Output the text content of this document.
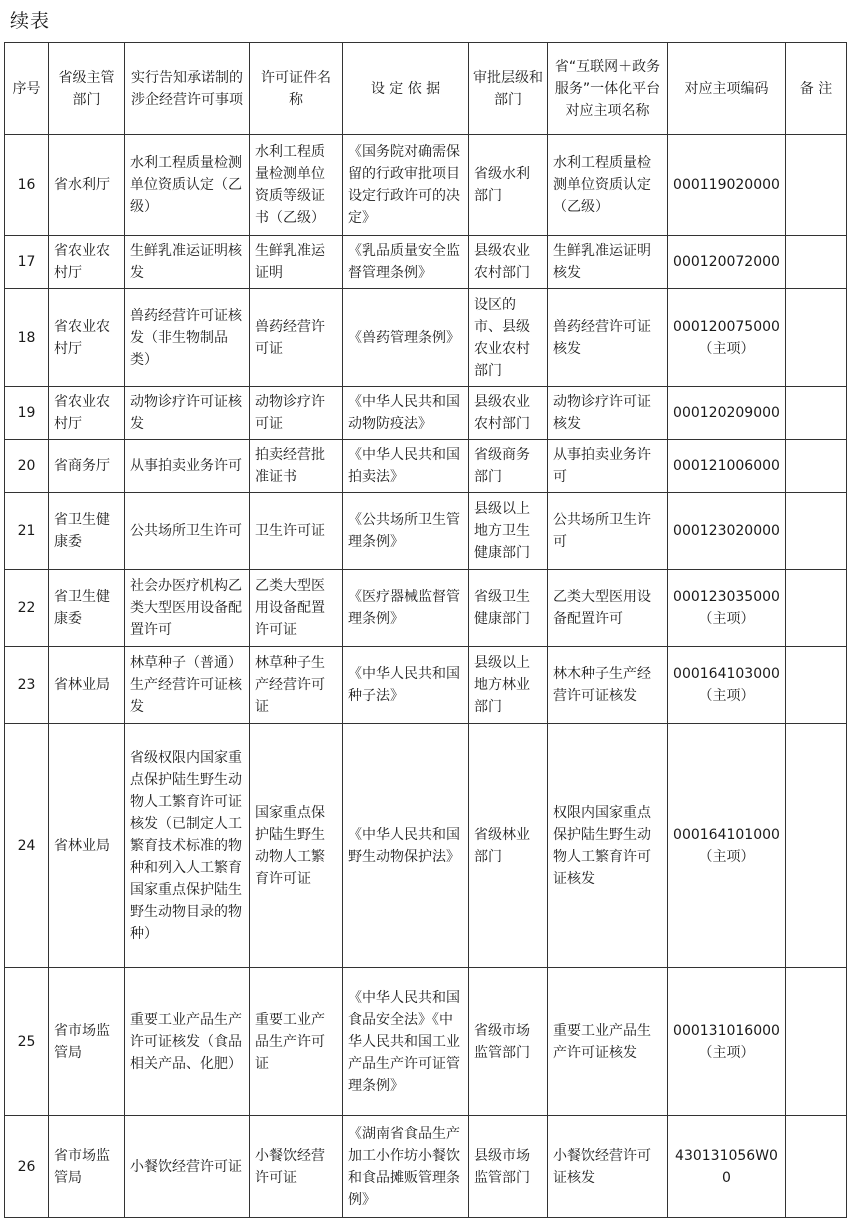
续表
序号	省级主管部门	实行告知承诺制的涉企经营许可事项	许可证件名　称	设 定 依 据	审批层级和部门	省“互联网＋政务服务”一体化平台对应主项名称	对应主项编码	备 注
16	省水利厅	水利工程质量检测单位资质认定（乙级）	水利工程质量检测单位资质等级证书（乙级）	《国务院对确需保留的行政审批项目设定行政许可的决定》	省级水利部门	水利工程质量检测单位资质认定（乙级）	000119020000	

17	省农业农村厅	生鲜乳准运证明核发	生鲜乳准运证明	《乳品质量安全监督管理条例》	县级农业农村部门	生鲜乳准运证明核发	000120072000	

18	省农业农村厅	兽药经营许可证核发（非生物制品类）	兽药经营许可证	《兽药管理条例》	设区的市、县级农业农村部门	兽药经营许可证核发	000120075000
（主项）	

19	省农业农村厅	动物诊疗许可证核发	动物诊疗许可证	《中华人民共和国动物防疫法》	县级农业农村部门	动物诊疗许可证核发	000120209000	

20	省商务厅	从事拍卖业务许可	拍卖经营批准证书	《中华人民共和国拍卖法》	省级商务部门	从事拍卖业务许可	000121006000	

21	省卫生健康委	公共场所卫生许可	卫生许可证	《公共场所卫生管理条例》	县级以上地方卫生健康部门	公共场所卫生许可	000123020000	

22	省卫生健康委	社会办医疗机构乙类大型医用设备配置许可	乙类大型医用设备配置许可证	《医疗器械监督管理条例》	省级卫生健康部门	乙类大型医用设备配置许可	000123035000
（主项）	

23	省林业局	林草种子（普通）生产经营许可证核发	林草种子生产经营许可证	《中华人民共和国种子法》	县级以上地方林业部门	林木种子生产经营许可证核发	000164103000
（主项）	

24	省林业局	省级权限内国家重点保护陆生野生动物人工繁育许可证核发（已制定人工繁育技术标准的物种和列入人工繁育国家重点保护陆生野生动物目录的物种）	国家重点保护陆生野生动物人工繁育许可证	《中华人民共和国野生动物保护法》	省级林业部门	权限内国家重点保护陆生野生动物人工繁育许可证核发	000164101000
（主项）	

25	省市场监管局	重要工业产品生产许可证核发（食品相关产品、化肥）	重要工业产品生产许可证	《中华人民共和国食品安全法》《中华人民共和国工业产品生产许可证管理条例》	省级市场监管部门	重要工业产品生产许可证核发	000131016000
（主项）	

26	省市场监管局	小餐饮经营许可证	小餐饮经营许可证	《湖南省食品生产加工小作坊小餐饮和食品摊贩管理条例》	县级市场监管部门	小餐饮经营许可证核发	430131056W00	
